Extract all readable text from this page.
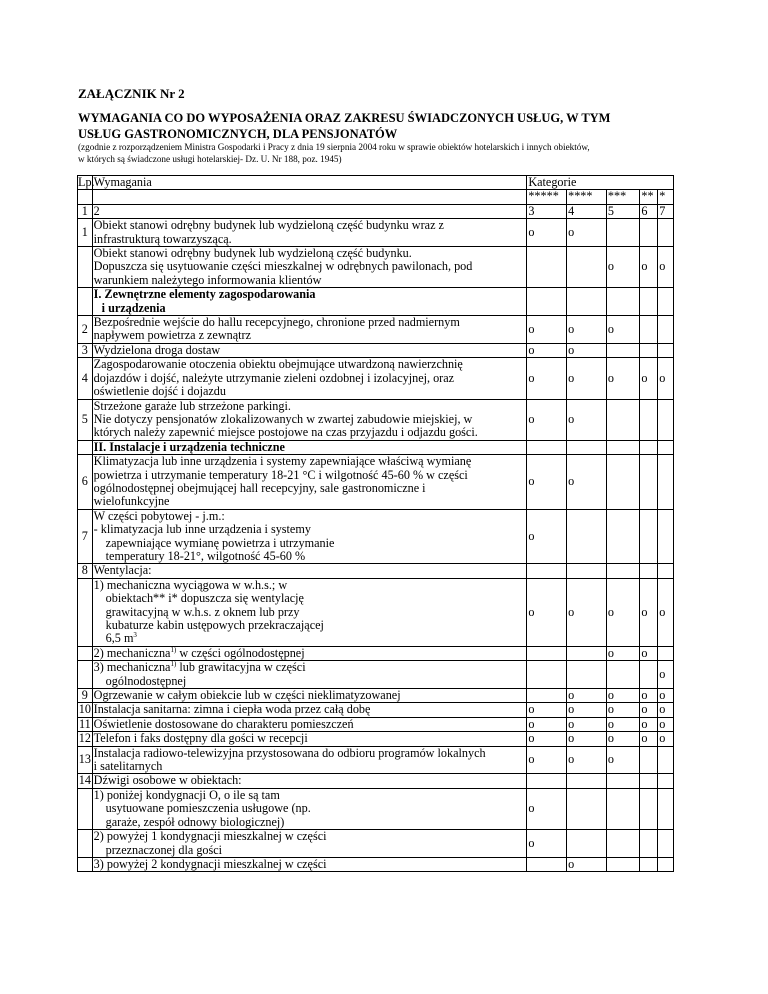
ZAŁĄCZNIK Nr 2
WYMAGANIA CO DO WYPOSAŻENIA ORAZ ZAKRESU ŚWIADCZONYCH USŁUG, W TYM
USŁUG GASTRONOMICZNYCH, DLA PENSJONATÓW
(zgodnie z rozporządzeniem Ministra Gospodarki i Pracy z dnia 19 sierpnia 2004 roku w sprawie obiektów hotelarskich i innych obiektów,
w których są świadczone usługi hotelarskiej- Dz. U. Nr 188, poz. 1945)
Lp.	Wymagania	Kategorie				
		*****	****	***	**	*
1	2	3	4	5	6	7
1	Obiekt stanowi odrębny budynek lub wydzieloną część budynku wraz z
infrastrukturą towarzyszącą.	o	o			

	Obiekt stanowi odrębny budynek lub wydzieloną część budynku.
Dopuszcza się usytuowanie części mieszkalnej w odrębnych pawilonach, pod
warunkiem należytego informowania klientów			o	o	o

	I. Zewnętrzne elementy zagospodarowania
i urządzenia					

2	Bezpośrednie wejście do hallu recepcyjnego, chronione przed nadmiernym
napływem powietrza z zewnątrz	o	o	o		
3	Wydzielona droga dostaw	o	o			
4	Zagospodarowanie otoczenia obiektu obejmujące utwardzoną nawierzchnię
dojazdów i dojść, należyte utrzymanie zieleni ozdobnej i izolacyjnej, oraz
oświetlenie dojść i dojazdu	o	o	o	o	o
5	Strzeżone garaże lub strzeżone parkingi.
Nie dotyczy pensjonatów zlokalizowanych w zwartej zabudowie miejskiej, w
których należy zapewnić miejsce postojowe na czas przyjazdu i odjazdu gości.	o	o			
	II. Instalacje i urządzenia techniczne					
6	Klimatyzacja lub inne urządzenia i systemy zapewniające właściwą wymianę
powietrza i utrzymanie temperatury 18-21 °C i wilgotność 45-60 % w części
ogólnodostępnej obejmującej hall recepcyjny, sale gastronomiczne i
wielofunkcyjne	o	o			
7	W części pobytowej - j.m.:
- klimatyzacja lub inne urządzenia i systemy
zapewniające wymianę powietrza i utrzymanie
temperatury 18-21°, wilgotność 45-60 %	o				
8	Wentylacja:					

	1) mechaniczna wyciągowa w w.h.s.; w
obiektach** i* dopuszcza się wentylację
grawitacyjną w w.h.s. z oknem lub przy
kubaturze kabin ustępowych przekraczającej
6,5 $m^3$	o	o	o	o	o
	2) mechaniczna$^{1)}$ w części ogólnodostępnej			o	o	

	3) mechaniczna$^{1)}$ lub grawitacyjna w części
ogólnodostępnej					o
9	Ogrzewanie w całym obiekcie lub w części nieklimatyzowanej		o	o	o	o
10	Instalacja sanitarna: zimna i ciepła woda przez całą dobę	o	o	o	o	o
11	Oświetlenie dostosowane do charakteru pomieszczeń	o	o	o	o	o
12	Telefon i faks dostępny dla gości w recepcji	o	o	o	o	o
13	Instalacja radiowo-telewizyjna przystosowana do odbioru programów lokalnych
i satelitarnych	o	o	o		
14	Dźwigi osobowe w obiektach:					

	1) poniżej kondygnacji O, o ile są tam
usytuowane pomieszczenia usługowe (np.
garaże, zespół odnowy biologicznej)	o				

	2) powyżej 1 kondygnacji mieszkalnej w części
przeznaczonej dla gości	o				
	3) powyżej 2 kondygnacji mieszkalnej w części		o			
